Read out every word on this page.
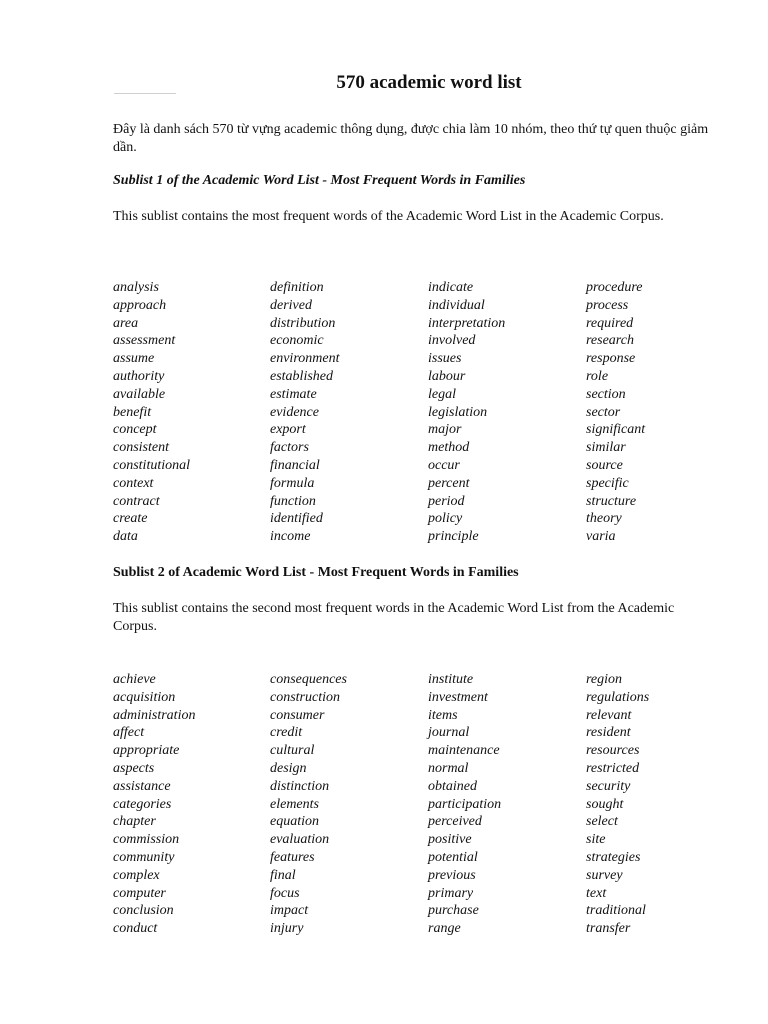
570 academic word list
Đây là danh sách 570 từ vựng academic thông dụng, được chia làm 10 nhóm, theo thứ tự quen thuộc giảm dần.
Sublist 1 of the Academic Word List - Most Frequent Words in Families
This sublist contains the most frequent words of the Academic Word List in the Academic Corpus.
analysis
approach
area
assessment
assume
authority
available
benefit
concept
consistent
constitutional
context
contract
create
data
definition
derived
distribution
economic
environment
established
estimate
evidence
export
factors
financial
formula
function
identified
income
indicate
individual
interpretation
involved
issues
labour
legal
legislation
major
method
occur
percent
period
policy
principle
procedure
process
required
research
response
role
section
sector
significant
similar
source
specific
structure
theory
varia
Sublist 2 of Academic Word List - Most Frequent Words in Families
This sublist contains the second most frequent words in the Academic Word List from the Academic Corpus.
achieve
acquisition
administration
affect
appropriate
aspects
assistance
categories
chapter
commission
community
complex
computer
conclusion
conduct
consequences
construction
consumer
credit
cultural
design
distinction
elements
equation
evaluation
features
final
focus
impact
injury
institute
investment
items
journal
maintenance
normal
obtained
participation
perceived
positive
potential
previous
primary
purchase
range
region
regulations
relevant
resident
resources
restricted
security
sought
select
site
strategies
survey
text
traditional
transfer
